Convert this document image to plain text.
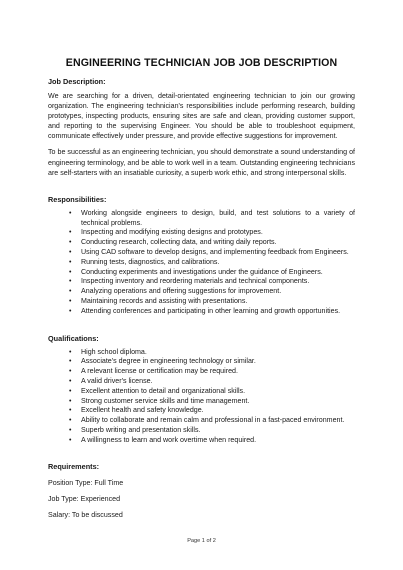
ENGINEERING TECHNICIAN JOB JOB DESCRIPTION
Job Description:

We are searching for a driven, detail-orientated engineering technician to join our growing organization. The engineering technician's responsibilities include performing research, building prototypes, inspecting products, ensuring sites are safe and clean, providing customer support, and reporting to the supervising Engineer. You should be able to troubleshoot equipment, communicate effectively under pressure, and provide effective suggestions for improvement.

To be successful as an engineering technician, you should demonstrate a sound understanding of engineering terminology, and be able to work well in a team. Outstanding engineering technicians are self-starters with an insatiable curiosity, a superb work ethic, and strong interpersonal skills.

Responsibilities:
• Working alongside engineers to design, build, and test solutions to a variety of technical problems.
• Inspecting and modifying existing designs and prototypes.
• Conducting research, collecting data, and writing daily reports.
• Using CAD software to develop designs, and implementing feedback from Engineers.
• Running tests, diagnostics, and calibrations.
• Conducting experiments and investigations under the guidance of Engineers.
• Inspecting inventory and reordering materials and technical components.
• Analyzing operations and offering suggestions for improvement.
• Maintaining records and assisting with presentations.
• Attending conferences and participating in other learning and growth opportunities.
Qualifications:
• High school diploma.
• Associate's degree in engineering technology or similar.
• A relevant license or certification may be required.
• A valid driver's license.
• Excellent attention to detail and organizational skills.
• Strong customer service skills and time management.
• Excellent health and safety knowledge.
• Ability to collaborate and remain calm and professional in a fast-paced environment.
• Superb writing and presentation skills.
• A willingness to learn and work overtime when required.
Requirements:

Position Type: Full Time

Job Type: Experienced

Salary: To be discussed

Page 1 of 2
